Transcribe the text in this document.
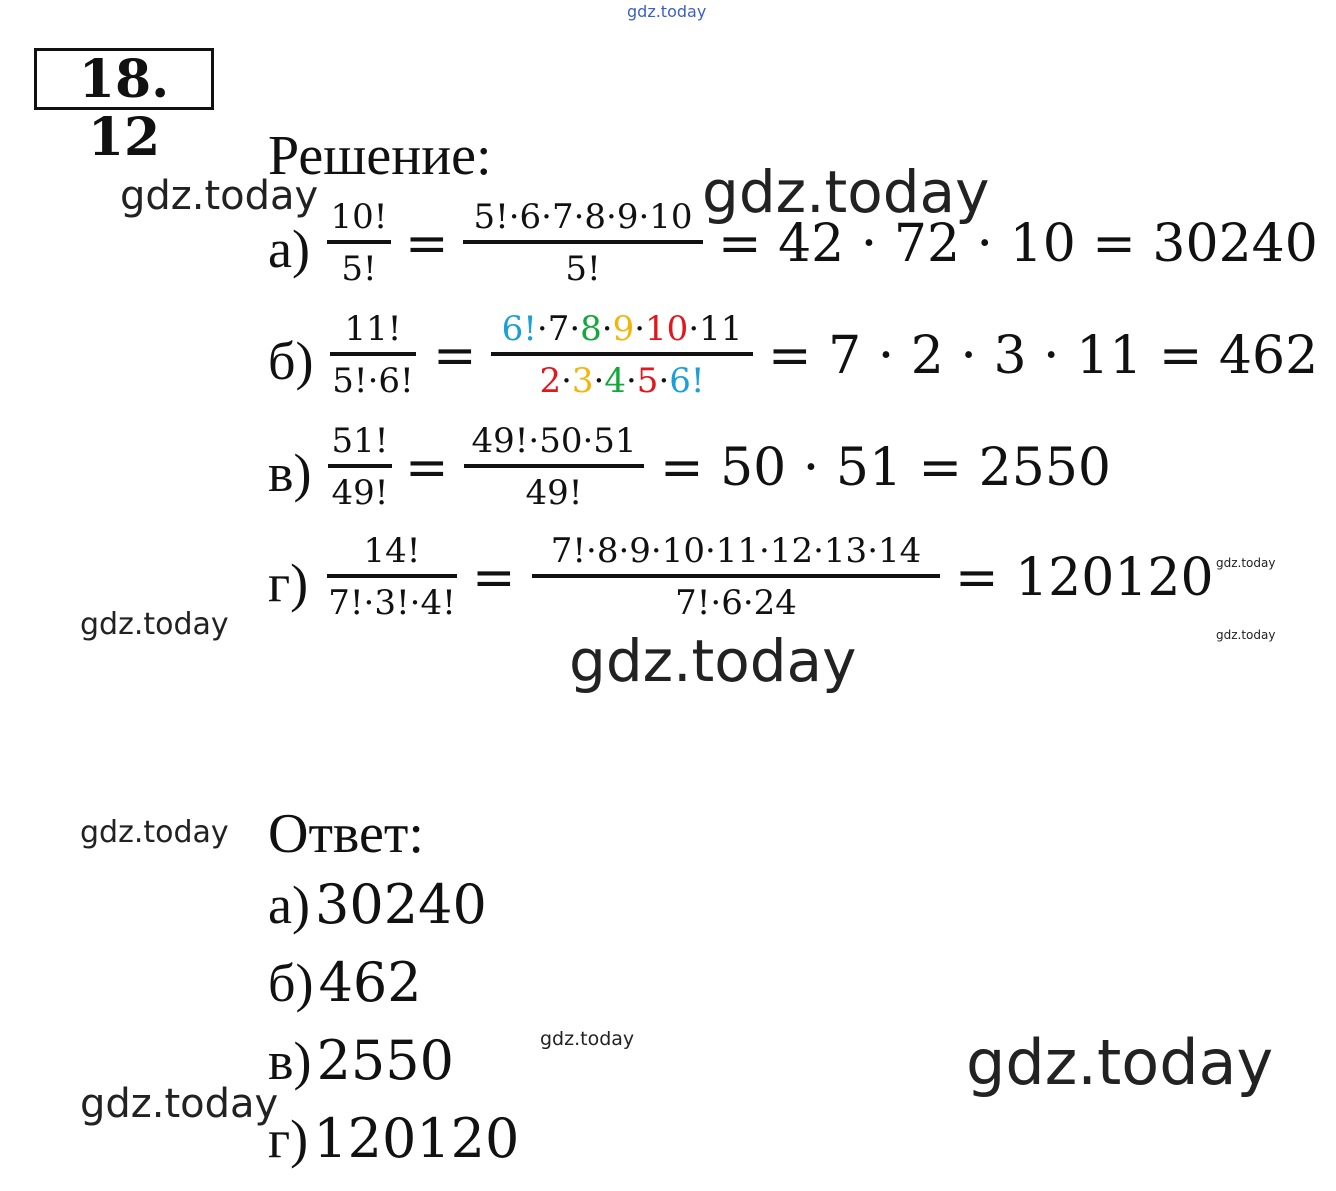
gdz.today
gdz.today	gdz.today
gdz.today
gdz.today	gdz.today
gdz.today
gdz.today
gdz.today	gdz.today
gdz.today
18. 12	Решение:
а)
10!
5! = 5!·6·7·8·9·10
5!	= 42 · 72 · 10 = 30240
б)
11!
5!·6! = 6!·7·8·9·10·11
2·3·4·5·6!	= 7 · 2 · 3 · 11 = 462
в)
51!
49! = 49!·50·51
49!	= 50 · 51 = 2550
г)
14!
7!·3!·4! =	7!·8·9·10·11·12·13·14
7!·6·24	= 120120
Ответ:
а) 30240
б) 462
в) 2550
г) 120120
